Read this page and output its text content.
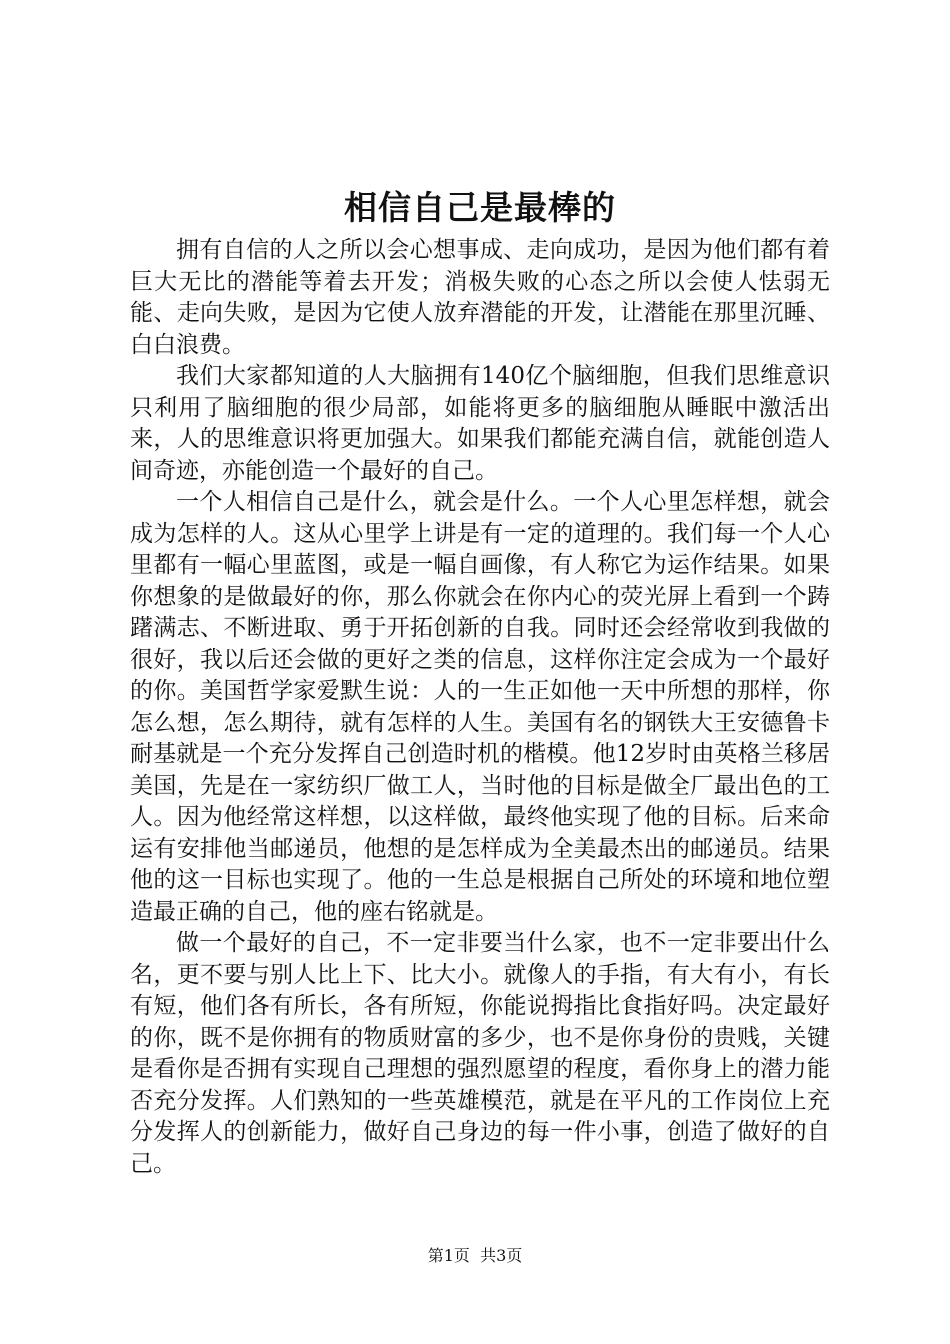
相信自己是最棒的

拥有自信的人之所以会心想事成、走向成功，是因为他们都有着巨大无比的潜能等着去开发；消极失败的心态之所以会使人怯弱无能、走向失败，是因为它使人放弃潜能的开发，让潜能在那里沉睡、白白浪费。

我们大家都知道的人大脑拥有140亿个脑细胞，但我们思维意识只利用了脑细胞的很少局部，如能将更多的脑细胞从睡眠中激活出来，人的思维意识将更加强大。如果我们都能充满自信，就能创造人间奇迹，亦能创造一个最好的自己。

一个人相信自己是什么，就会是什么。一个人心里怎样想，就会成为怎样的人。这从心里学上讲是有一定的道理的。我们每一个人心里都有一幅心里蓝图，或是一幅自画像，有人称它为运作结果。如果你想象的是做最好的你，那么你就会在你内心的荧光屏上看到一个踌躇满志、不断进取、勇于开拓创新的自我。同时还会经常收到我做的很好，我以后还会做的更好之类的信息，这样你注定会成为一个最好的你。美国哲学家爱默生说：人的一生正如他一天中所想的那样，你怎么想，怎么期待，就有怎样的人生。美国有名的钢铁大王安德鲁卡耐基就是一个充分发挥自己创造时机的楷模。他12岁时由英格兰移居美国，先是在一家纺织厂做工人，当时他的目标是做全厂最出色的工人。因为他经常这样想，以这样做，最终他实现了他的目标。后来命运有安排他当邮递员，他想的是怎样成为全美最杰出的邮递员。结果他的这一目标也实现了。他的一生总是根据自己所处的环境和地位塑造最正确的自己，他的座右铭就是。

做一个最好的自己，不一定非要当什么家，也不一定非要出什么名，更不要与别人比上下、比大小。就像人的手指，有大有小，有长有短，他们各有所长，各有所短，你能说拇指比食指好吗。决定最好的你，既不是你拥有的物质财富的多少，也不是你身份的贵贱，关键是看你是否拥有实现自己理想的强烈愿望的程度，看你身上的潜力能否充分发挥。人们熟知的一些英雄模范，就是在平凡的工作岗位上充分发挥人的创新能力，做好自己身边的每一件小事，创造了做好的自己。

第1页 共3页
